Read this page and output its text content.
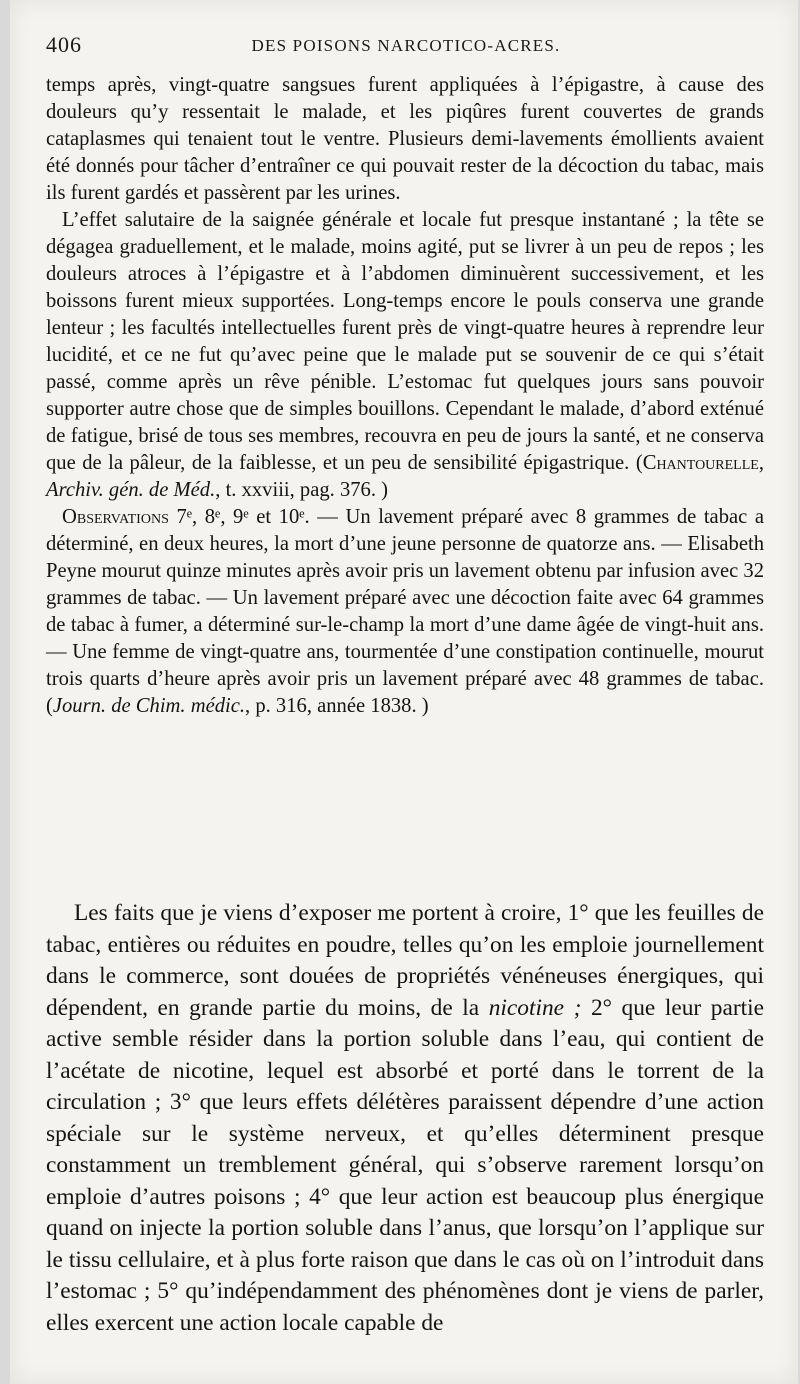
406	DES POISONS NARCOTICO-ACRES.

temps après, vingt-quatre sangsues furent appliquées à l’épigastre, à cause des douleurs qu’y ressentait le malade, et les piqûres furent couvertes de grands cataplasmes qui tenaient tout le ventre. Plusieurs demi-lavements émollients avaient été donnés pour tâcher d’entraîner ce qui pouvait rester de la décoction du tabac, mais ils furent gardés et passèrent par les urines.

L’effet salutaire de la saignée générale et locale fut presque instantané ; la tête se dégagea graduellement, et le malade, moins agité, put se livrer à un peu de repos ; les douleurs atroces à l’épigastre et à l’abdomen diminuèrent successivement, et les boissons furent mieux supportées. Long-temps encore le pouls conserva une grande lenteur ; les facultés intellectuelles furent près de vingt-quatre heures à reprendre leur lucidité, et ce ne fut qu’avec peine que le malade put se souvenir de ce qui s’était passé, comme après un rêve pénible. L’estomac fut quelques jours sans pouvoir supporter autre chose que de simples bouillons. Cependant le malade, d’abord exténué de fatigue, brisé de tous ses membres, recouvra en peu de jours la santé, et ne conserva que de la pâleur, de la faiblesse, et un peu de sensibilité épigastrique. (Chantourelle, Archiv. gén. de Méd., t. xxviii, pag. 376. )

Observations 7ᵉ, 8ᵉ, 9ᵉ et 10ᵉ. — Un lavement préparé avec 8 grammes de tabac a déterminé, en deux heures, la mort d’une jeune personne de quatorze ans. — Elisabeth Peyne mourut quinze minutes après avoir pris un lavement obtenu par infusion avec 32 grammes de tabac. — Un lavement préparé avec une décoction faite avec 64 grammes de tabac à fumer, a déterminé sur-le-champ la mort d’une dame âgée de vingt-huit ans. — Une femme de vingt-quatre ans, tourmentée d’une constipation continuelle, mourut trois quarts d’heure après avoir pris un lavement préparé avec 48 grammes de tabac. (Journ. de Chim. médic., p. 316, année 1838. )

Les faits que je viens d’exposer me portent à croire, 1° que les feuilles de tabac, entières ou réduites en poudre, telles qu’on les emploie journellement dans le commerce, sont douées de propriétés vénéneuses énergiques, qui dépendent, en grande partie du moins, de la nicotine ; 2° que leur partie active semble résider dans la portion soluble dans l’eau, qui contient de l’acétate de nicotine, lequel est absorbé et porté dans le torrent de la circulation ; 3° que leurs effets délétères paraissent dépendre d’une action spéciale sur le système nerveux, et qu’elles déterminent presque constamment un tremblement général, qui s’observe rarement lorsqu’on emploie d’autres poisons ; 4° que leur action est beaucoup plus énergique quand on injecte la portion soluble dans l’anus, que lorsqu’on l’applique sur le tissu cellulaire, et à plus forte raison que dans le cas où on l’introduit dans l’estomac ; 5° qu’indépendamment des phénomènes dont je viens de parler, elles exercent une action locale capable de
